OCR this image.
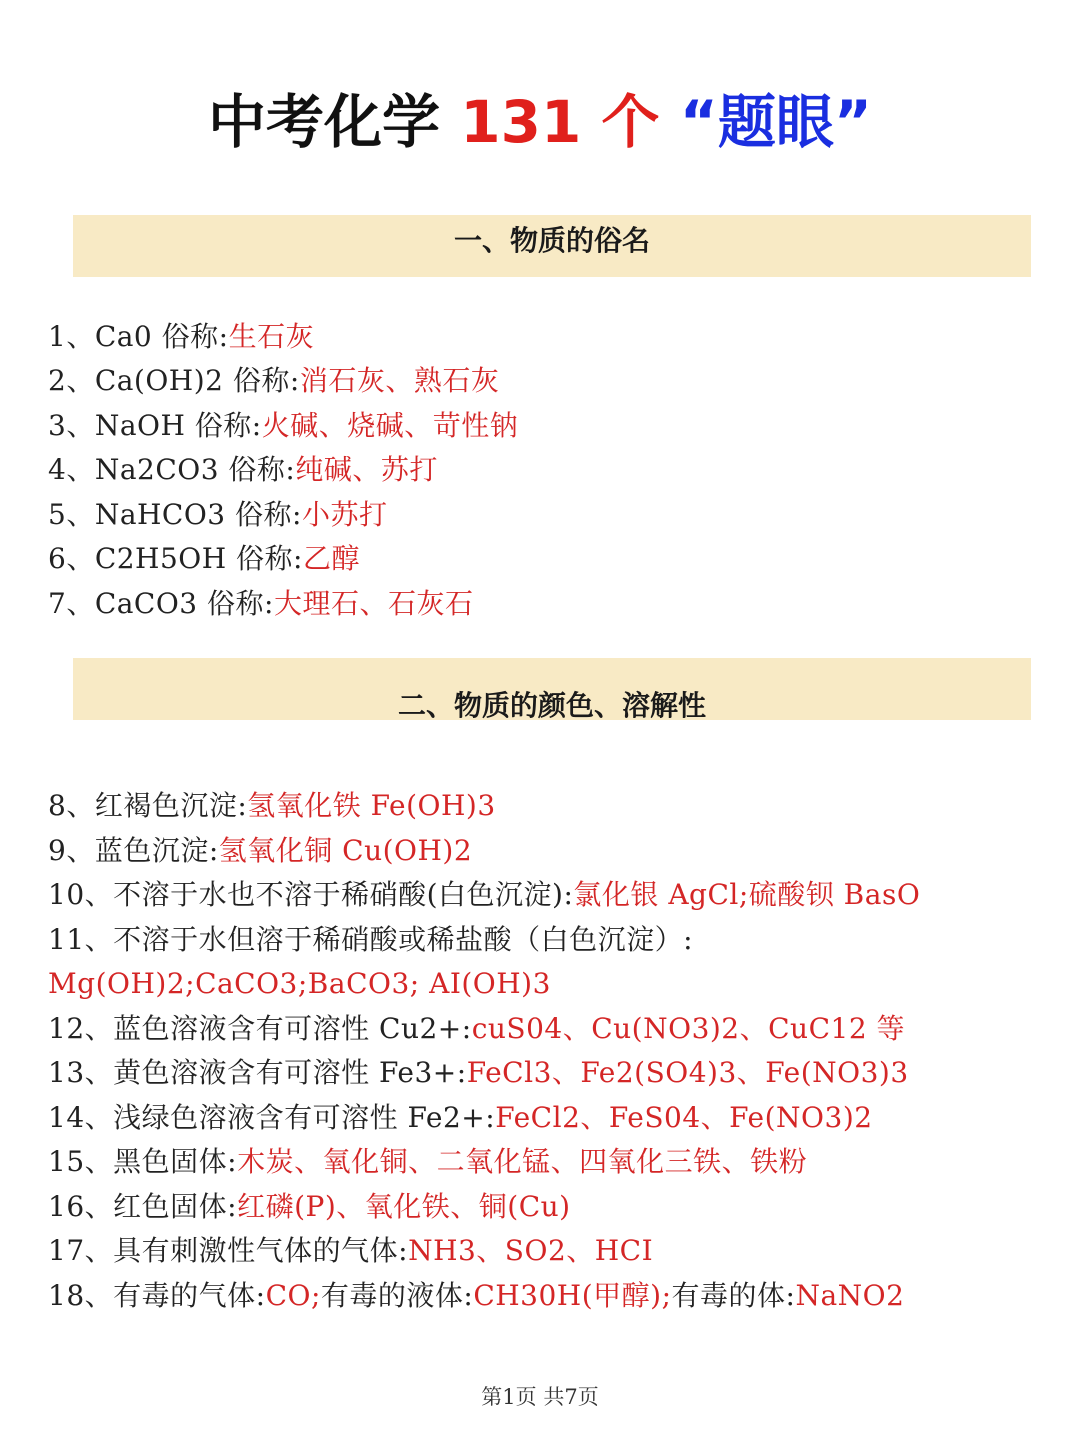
中考化学 131 个 “题眼”
一、物质的俗名
1、Ca0 俗称:生石灰
2、Ca(OH)2 俗称:消石灰、熟石灰
3、NaOH 俗称:火碱、烧碱、苛性钠
4、Na2CO3 俗称:纯碱、苏打
5、NaHCO3 俗称:小苏打
6、C2H5OH 俗称:乙醇
7、CaCO3 俗称:大理石、石灰石
二、物质的颜色、溶解性
8、红褐色沉淀:氢氧化铁 Fe(OH)3
9、蓝色沉淀:氢氧化铜 Cu(OH)2
10、不溶于水也不溶于稀硝酸(白色沉淀):氯化银 AgCl;硫酸钡 BasO
11、不溶于水但溶于稀硝酸或稀盐酸（白色沉淀）:
Mg(OH)2;CaCO3;BaCO3; AI(OH)3
12、蓝色溶液含有可溶性 Cu2+:cuS04、Cu(NO3)2、CuC12 等
13、黄色溶液含有可溶性 Fe3+:FeCl3、Fe2(SO4)3、Fe(NO3)3
14、浅绿色溶液含有可溶性 Fe2+:FeCl2、FeS04、Fe(NO3)2
15、黑色固体:木炭、氧化铜、二氧化锰、四氧化三铁、铁粉
16、红色固体:红磷(P)、氧化铁、铜(Cu)
17、具有刺激性气体的气体:NH3、SO2、HCI
18、有毒的气体:CO;有毒的液体:CH30H(甲醇);有毒的体:NaNO2
第1页 共7页
